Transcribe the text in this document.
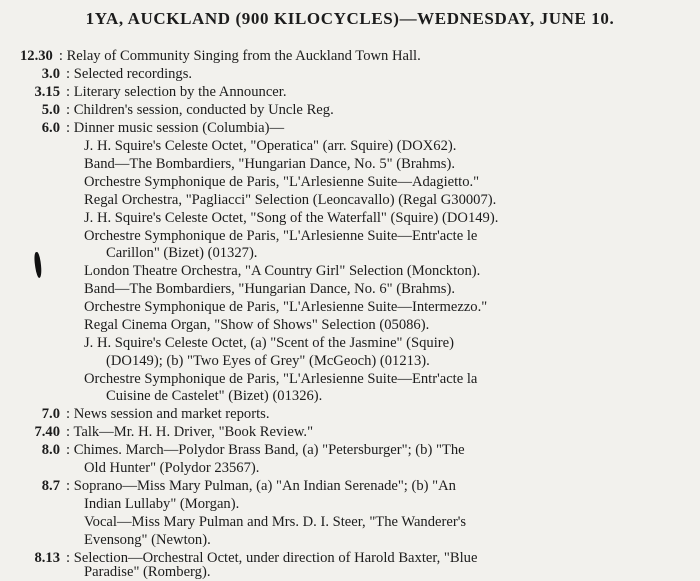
1YA, AUCKLAND (900 KILOCYCLES)—WEDNESDAY, JUNE 10.
12.30 : Relay of Community Singing from the Auckland Town Hall.
3.0 : Selected recordings.
3.15 : Literary selection by the Announcer.
5.0 : Children's session, conducted by Uncle Reg.
6.0 : Dinner music session (Columbia)—
J. H. Squire's Celeste Octet, "Operatica" (arr. Squire) (DOX62).
Band—The Bombardiers, "Hungarian Dance, No. 5" (Brahms).
Orchestre Symphonique de Paris, "L'Arlesienne Suite—Adagietto."
Regal Orchestra, "Pagliacci" Selection (Leoncavallo) (Regal G30007).
J. H. Squire's Celeste Octet, "Song of the Waterfall" (Squire) (DO149).
Orchestre Symphonique de Paris, "L'Arlesienne Suite—Entr'acte le
Carillon" (Bizet) (01327).
London Theatre Orchestra, "A Country Girl" Selection (Monckton).
Band—The Bombardiers, "Hungarian Dance, No. 6" (Brahms).
Orchestre Symphonique de Paris, "L'Arlesienne Suite—Intermezzo."
Regal Cinema Organ, "Show of Shows" Selection (05086).
J. H. Squire's Celeste Octet, (a) "Scent of the Jasmine" (Squire)
(DO149); (b) "Two Eyes of Grey" (McGeoch) (01213).
Orchestre Symphonique de Paris, "L'Arlesienne Suite—Entr'acte la
Cuisine de Castelet" (Bizet) (01326).
7.0 : News session and market reports.
7.40 : Talk—Mr. H. H. Driver, "Book Review."
8.0 : Chimes. March—Polydor Brass Band, (a) "Petersburger"; (b) "The
Old Hunter" (Polydor 23567).
8.7 : Soprano—Miss Mary Pulman, (a) "An Indian Serenade"; (b) "An
Indian Lullaby" (Morgan).
Vocal—Miss Mary Pulman and Mrs. D. I. Steer, "The Wanderer's
Evensong" (Newton).
8.13 : Selection—Orchestral Octet, under direction of Harold Baxter, "Blue
Paradise" (Romberg).
